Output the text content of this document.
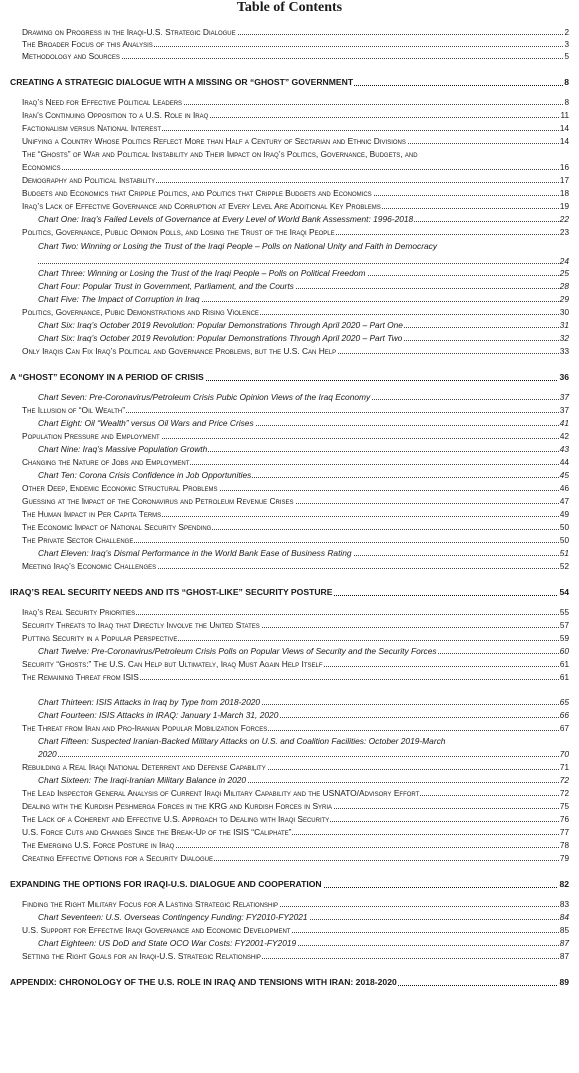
Table of Contents
Drawing on Progress in the Iraqi-U.S. Strategic Dialogue	2
The Broader Focus of this Analysis	3
Methodology and Sources	5
CREATING A STRATEGIC DIALOGUE WITH A MISSING OR “GHOST” GOVERNMENT	8
Iraq’s Need for Effective Political Leaders	8
Iran’s Continuing Opposition to a U.S. Role in Iraq	11
Factionalism versus National Interest	14
Unifying a Country Whose Politics Reflect More than Half a Century of Sectarian and Ethnic Divisions	14
The “Ghosts” of War and Political Instability and Their Impact on Iraq’s Politics, Governance, Budgets, and
Economics	16
Demography and Political Instability	17
Budgets and Economics that Cripple Politics, and Politics that Cripple Budgets and Economics	18
Iraq’s Lack of Effective Governance and Corruption at Every Level Are Additional Key Problems	19
Chart One: Iraq’s Failed Levels of Governance at Every Level of World Bank Assessment: 1996-2018	22
Politics, Governance, Public Opinion Polls, and Losing the Trust of the Iraqi People	23
Chart Two: Winning or Losing the Trust of the Iraqi People – Polls on National Unity and Faith in Democracy
24
Chart Three: Winning or Losing the Trust of the Iraqi People – Polls on Political Freedom	25
Chart Four: Popular Trust in Government, Parliament, and the Courts	28
Chart Five: The Impact of Corruption in Iraq	29
Politics, Governance, Pubic Demonstrations and Rising Violence	30
Chart Six: Iraq’s October 2019 Revolution: Popular Demonstrations Through April 2020 – Part One	31
Chart Six: Iraq’s October 2019 Revolution: Popular Demonstrations Through April 2020 – Part Two	32
Only Iraqis Can Fix Iraq’s Political and Governance Problems, but the U.S. Can Help	33
A “GHOST” ECONOMY IN A PERIOD OF CRISIS	36
Chart Seven: Pre-Coronavirus/Petroleum Crisis Pubic Opinion Views of the Iraq Economy	37
The Illusion of “Oil Wealth”	37
Chart Eight: Oil “Wealth” versus Oil Wars and Price Crises	41
Population Pressure and Employment	42
Chart Nine: Iraq’s Massive Population Growth	43
Changing the Nature of Jobs and Employment	44
Chart Ten: Corona Crisis Confidence in Job Opportunities	45
Other Deep, Endemic Economic Structural Problems	46
Guessing at the Impact of the Coronavirus and Petroleum Revenue Crises	47
The Human Impact in Per Capita Terms	49
The Economic Impact of National Security Spending	50
The Private Sector Challenge	50
Chart Eleven: Iraq’s Dismal Performance in the World Bank Ease of Business Rating	51
Meeting Iraq’s Economic Challenges	52
IRAQ’S REAL SECURITY NEEDS AND ITS “GHOST-LIKE” SECURITY POSTURE	54
Iraq’s Real Security Priorities	55
Security Threats to Iraq that Directly Involve the United States	57
Putting Security in a Popular Perspective	59
Chart Twelve: Pre-Coronavirus/Petroleum Crisis Polls on Popular Views of Security and the Security Forces	60
Security “Ghosts:” The U.S. Can Help but Ultimately, Iraq Must Again Help Itself	61
The Remaining Threat from ISIS	61
Chart Thirteen: ISIS Attacks in Iraq by Type from 2018-2020	65
Chart Fourteen: ISIS Attacks in IRAQ: January 1-March 31, 2020	66
The Threat from Iran and Pro-Iranian Popular Mobilization Forces	67
Chart Fifteen: Suspected Iranian-Backed Military Attacks on U.S. and Coalition Facilities: October 2019-March
2020	70
Rebuilding a Real Iraqi National Deterrent and Defense Capability	71
Chart Sixteen: The Iraqi-Iranian Military Balance in 2020	72
The Lead Inspector General Analysis of Current Iraqi Military Capability and the USNATO/Advisory Effort	72
Dealing with the Kurdish Peshmerga Forces in the KRG and Kurdish Forces in Syria	75
The Lack of a Coherent and Effective U.S. Approach to Dealing with Iraqi Security	76
U.S. Force Cuts and Changes Since the Break-Up of the ISIS “Caliphate”	77
The Emerging U.S. Force Posture in Iraq	78
Creating Effective Options for a Security Dialogue	79
EXPANDING THE OPTIONS FOR IRAQI-U.S. DIALOGUE AND COOPERATION	82
Finding the Right Military Focus for A Lasting Strategic Relationship	83
Chart Seventeen: U.S. Overseas Contingency Funding: FY2010-FY2021	84
U.S. Support for Effective Iraqi Governance and Economic Development	85
Chart Eighteen: US DoD and State OCO War Costs: FY2001-FY2019	87
Setting the Right Goals for an Iraqi-U.S. Strategic Relationship	87
APPENDIX: CHRONOLOGY OF THE U.S. ROLE IN IRAQ AND TENSIONS WITH IRAN: 2018-2020	89
